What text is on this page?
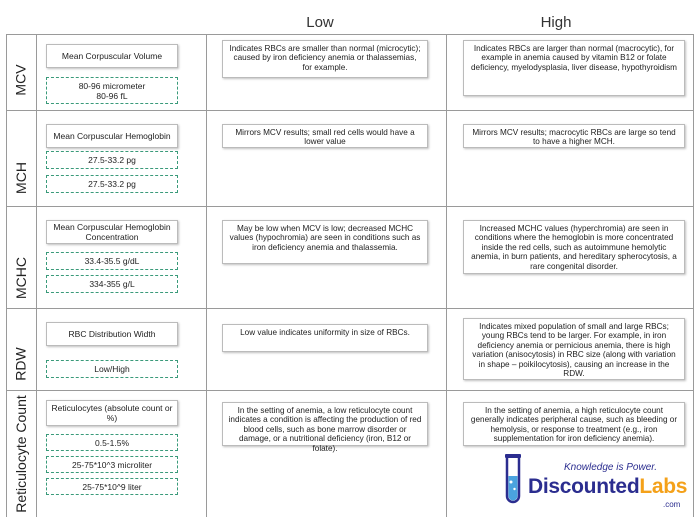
Low	High
MCV
MCH
MCHC
RDW
Reticulocyte Count
Mean Corpuscular Volume
80-96 micrometer
80-96 fL
Indicates RBCs are smaller than normal (microcytic); caused by iron deficiency anemia or thalassemias, for example.
Indicates RBCs are larger than normal (macrocytic), for example in anemia caused by vitamin B12 or folate deficiency, myelodysplasia, liver disease, hypothyroidism
Mean Corpuscular Hemoglobin
27.5-33.2 pg
27.5-33.2 pg
Mirrors MCV results; small red cells would have a lower value
Mirrors MCV results; macrocytic RBCs are large so tend to have a higher MCH.
Mean Corpuscular Hemoglobin Concentration
33.4-35.5 g/dL
334-355 g/L
May be low when MCV is low; decreased MCHC values (hypochromia) are seen in conditions such as iron deficiency anemia and thalassemia.
Increased MCHC values (hyperchromia) are seen in conditions where the hemoglobin is more concentrated inside the red cells, such as autoimmune hemolytic anemia, in burn patients, and hereditary spherocytosis, a rare congenital disorder.
RBC Distribution Width
Low/High
Low value indicates uniformity in size of RBCs.
Indicates mixed population of small and large RBCs; young RBCs tend to be larger. For example, in iron deficiency anemia or pernicious anemia, there is high variation (anisocytosis) in RBC size (along with variation in shape – poikilocytosis), causing an increase in the RDW.
Reticulocytes (absolute count or %)
0.5-1.5%
25-75*10^3 microliter
25-75*10^9 liter
In the setting of anemia, a low reticulocyte count indicates a condition is affecting the production of red blood cells, such as bone marrow disorder or damage, or a nutritional deficiency (iron, B12 or folate).
In the setting of anemia, a high reticulocyte count generally indicates peripheral cause, such as bleeding or hemolysis, or response to treatment (e.g., iron supplementation for iron deficiency anemia).
Knowledge is Power.
DiscountedLabs
.com
